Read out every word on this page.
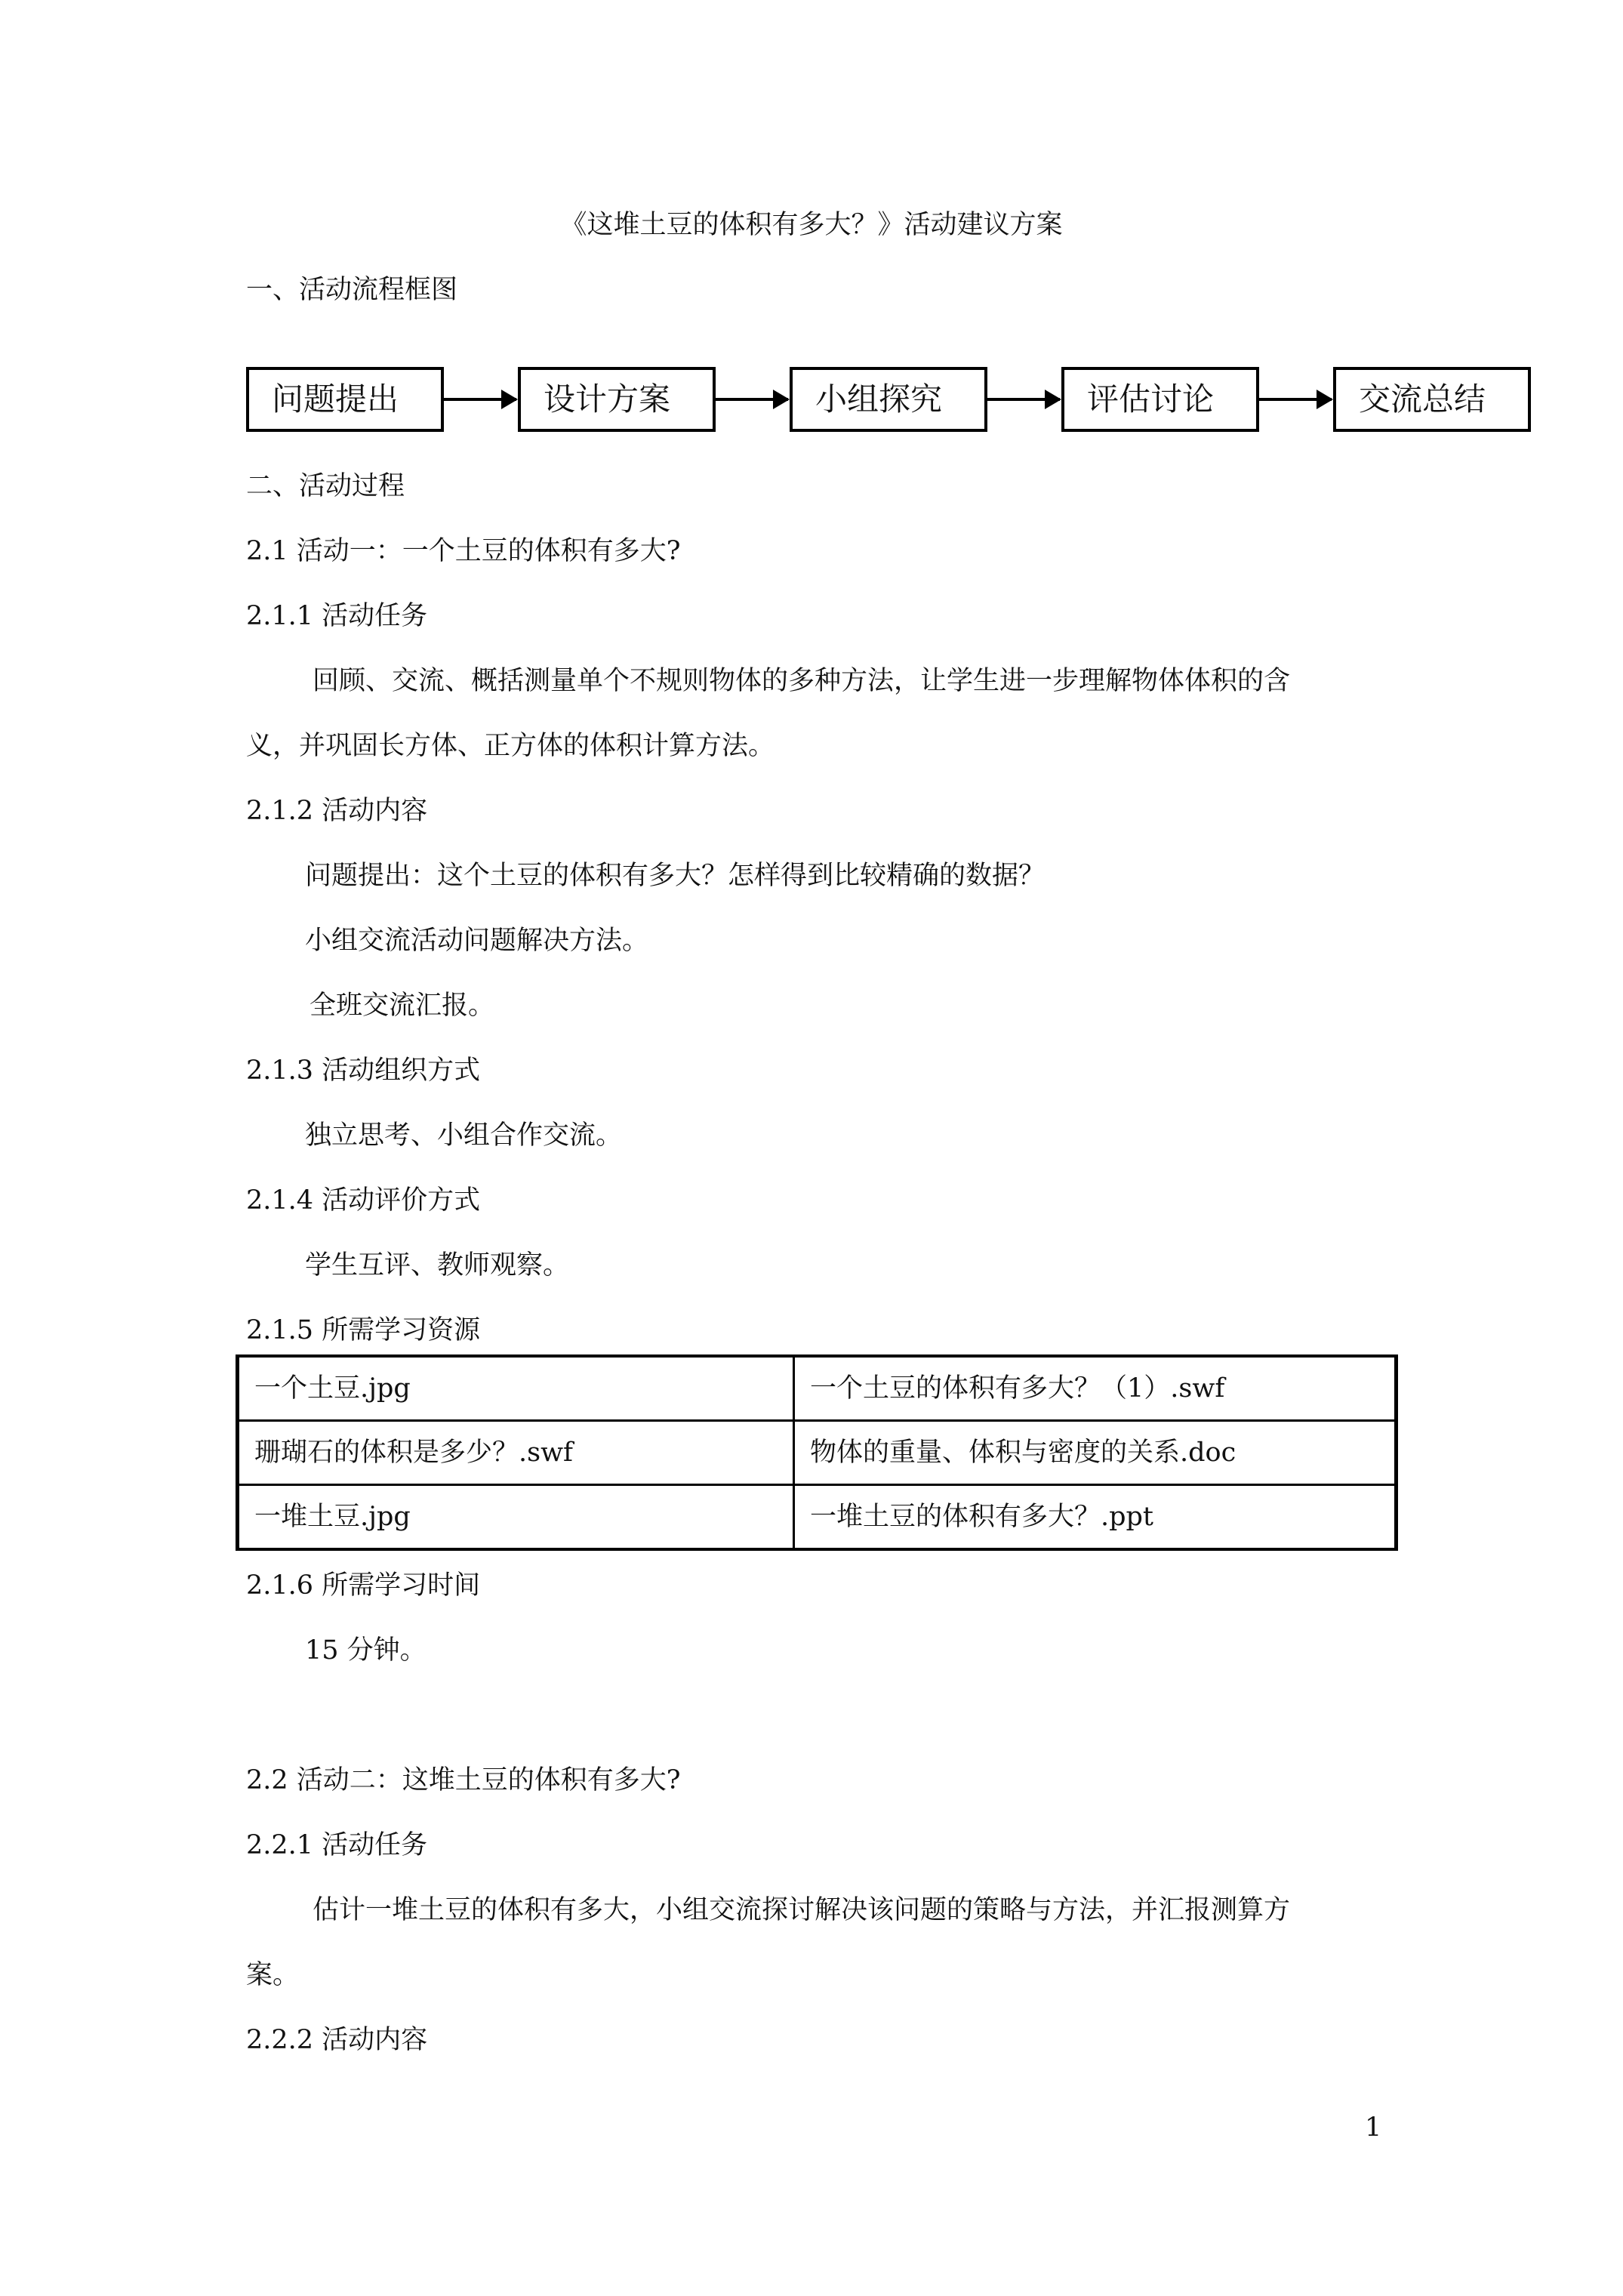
《这堆土豆的体积有多大？》活动建议方案
一、活动流程框图
问题提出	设计方案	小组探究	评估讨论	交流总结
二、活动过程
2.1 活动一：一个土豆的体积有多大?
2.1.1 活动任务
回顾、交流、概括测量单个不规则物体的多种方法，让学生进一步理解物体体积的含
义，并巩固长方体、正方体的体积计算方法。
2.1.2 活动内容
问题提出：这个土豆的体积有多大？怎样得到比较精确的数据？
小组交流活动问题解决方法。
全班交流汇报。
2.1.3 活动组织方式
独立思考、小组合作交流。
2.1.4 活动评价方式
学生互评、教师观察。
2.1.5 所需学习资源
一个土豆.jpg	一个土豆的体积有多大？（1）.swf
珊瑚石的体积是多少？.swf	物体的重量、体积与密度的关系.doc
一堆土豆.jpg	一堆土豆的体积有多大？.ppt
2.1.6 所需学习时间
15 分钟。
2.2 活动二：这堆土豆的体积有多大?
2.2.1 活动任务
估计一堆土豆的体积有多大，小组交流探讨解决该问题的策略与方法，并汇报测算方
案。
2.2.2 活动内容
1
